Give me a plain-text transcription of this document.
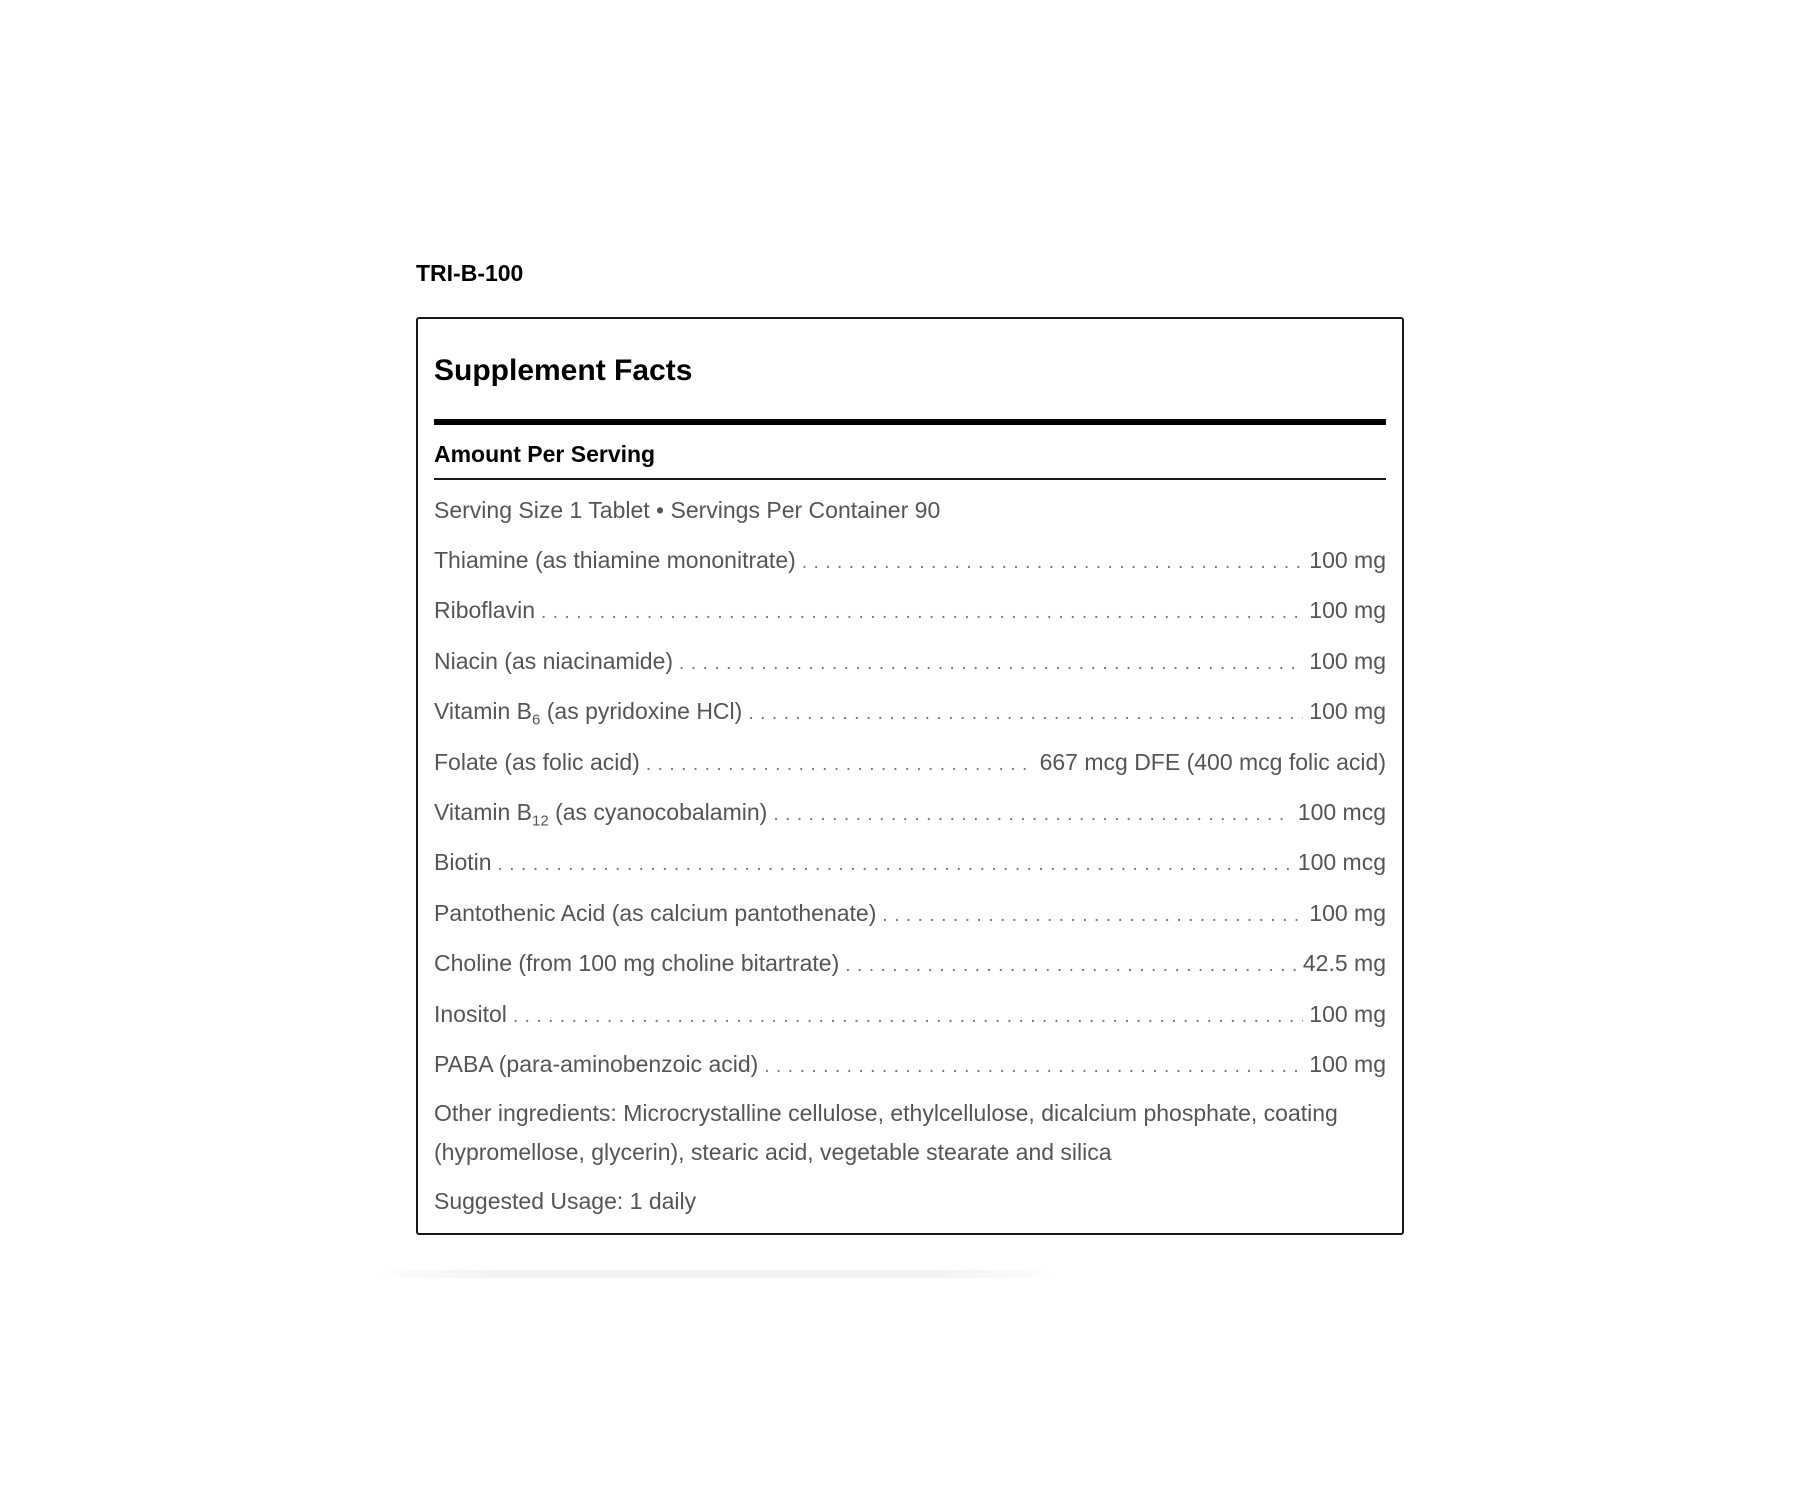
TRI-B-100
Supplement Facts
Amount Per Serving
Serving Size 1 Tablet • Servings Per Container 90
Thiamine (as thiamine mononitrate) . . .	100 mg
Riboflavin . . .	100 mg
Niacin (as niacinamide) . . .	100 mg
Vitamin $B_6$ (as pyridoxine HCl) . . .	100 mg
Folate (as folic acid) . . .	667 mcg DFE (400 mcg folic acid)
Vitamin $B_{12}$ (as cyanocobalamin) . . .	100 mcg
Biotin . . .	100 mcg
Pantothenic Acid (as calcium pantothenate) . . .	100 mg
Choline (from 100 mg choline bitartrate) . . .	42.5 mg
Inositol . . .	100 mg
PABA (para-aminobenzoic acid) . . .	100 mg
Other ingredients: Microcrystalline cellulose, ethylcellulose, dicalcium phosphate, coating (hypromellose, glycerin), stearic acid, vegetable stearate and silica
Suggested Usage: 1 daily
